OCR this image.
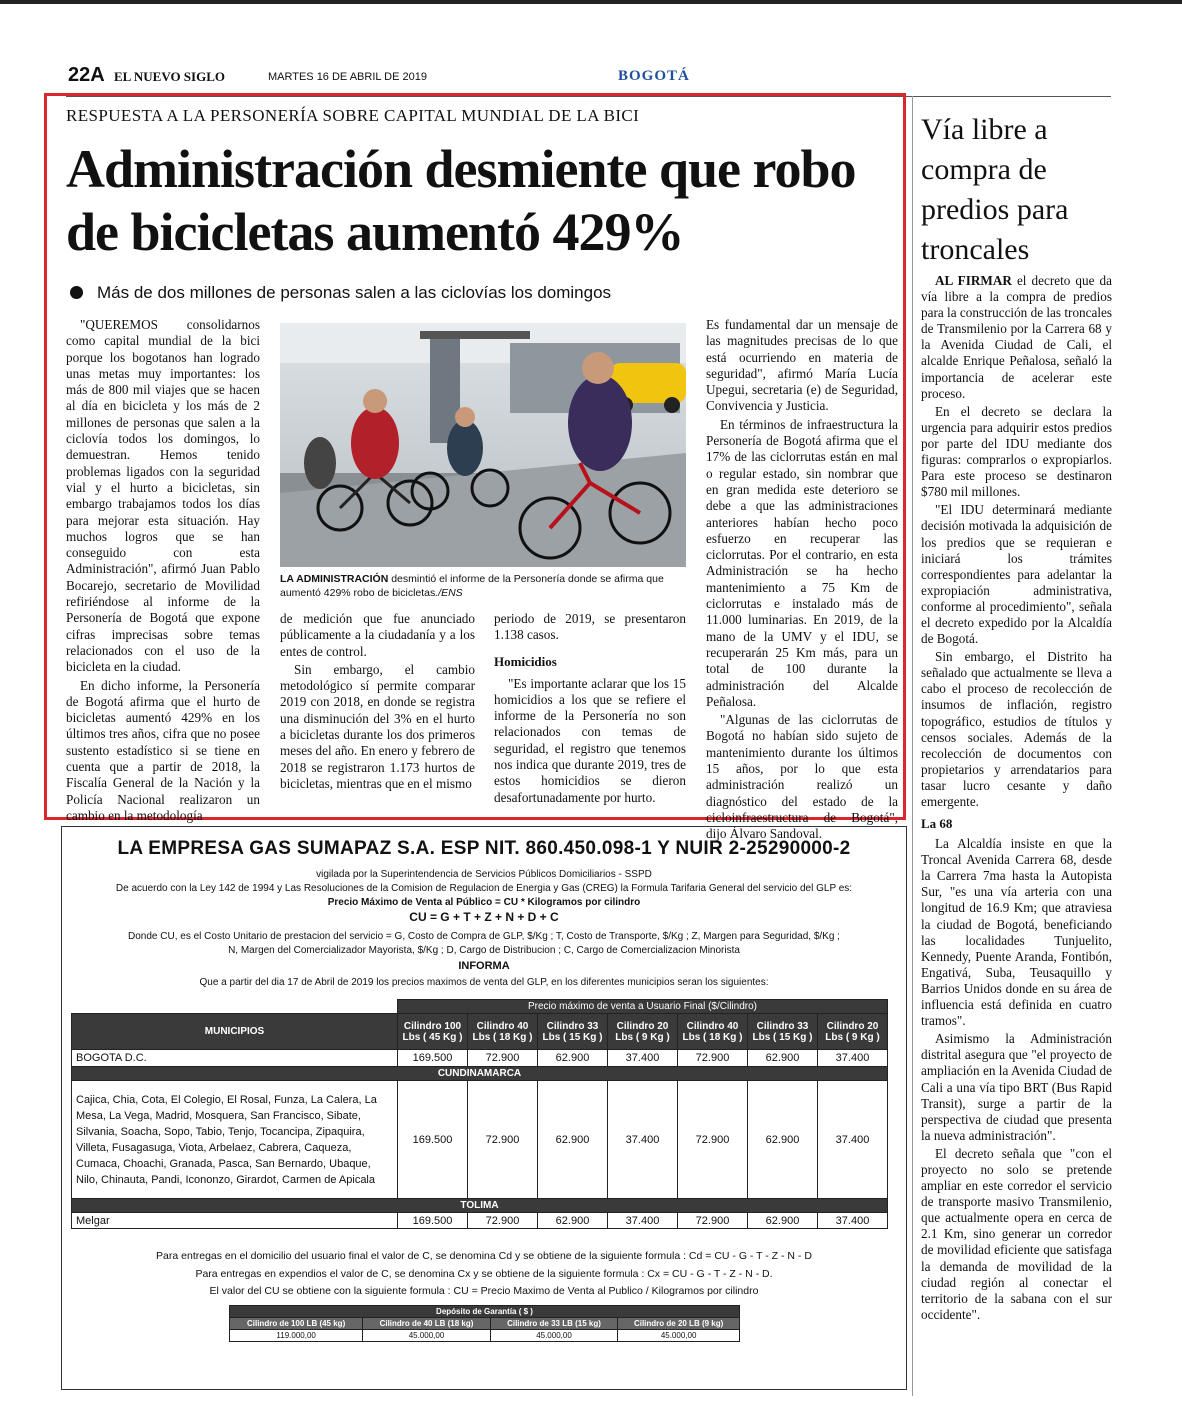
22A EL NUEVO SIGLO	MARTES 16 DE ABRIL DE 2019	BOGOTÁ
RESPUESTA A LA PERSONERÍA SOBRE CAPITAL MUNDIAL DE LA BICI
Administración desmiente que robo de bicicletas aumentó 429%
Más de dos millones de personas salen a las ciclovías los domingos

"QUEREMOS consolidarnos como capital mundial de la bici porque los bogotanos han logrado unas metas muy importantes: los más de 800 mil viajes que se hacen al día en bicicleta y los más de 2 millones de personas que salen a la ciclovía todos los domingos, lo demuestran. Hemos tenido problemas ligados con la seguridad vial y el hurto a bicicletas, sin embargo trabajamos todos los días para mejorar esta situación. Hay muchos logros que se han conseguido con esta Administración", afirmó Juan Pablo Bocarejo, secretario de Movilidad refiriéndose al informe de la Personería de Bogotá que expone cifras imprecisas sobre temas relacionados con el uso de la bicicleta en la ciudad.

En dicho informe, la Personería de Bogotá afirma que el hurto de bicicletas aumentó 429% en los últimos tres años, cifra que no posee sustento estadístico si se tiene en cuenta que a partir de 2018, la Fiscalía General de la Nación y la Policía Nacional realizaron un cambio en la metodología

LA ADMINISTRACIÓN desmintió el informe de la Personería donde se afirma que aumentó 429% robo de bicicletas./ENS

de medición que fue anunciado públicamente a la ciudadanía y a los entes de control.

Sin embargo, el cambio metodológico sí permite comparar 2019 con 2018, en donde se registra una disminución del 3% en el hurto a bicicletas durante los dos primeros meses del año. En enero y febrero de 2018 se registraron 1.173 hurtos de bicicletas, mientras que en el mismo

periodo de 2019, se presentaron 1.138 casos.

Homicidios

"Es importante aclarar que los 15 homicidios a los que se refiere el informe de la Personería no son relacionados con temas de seguridad, el registro que tenemos nos indica que durante 2019, tres de estos homicidios se dieron desafortunadamente por hurto.

Es fundamental dar un mensaje de las magnitudes precisas de lo que está ocurriendo en materia de seguridad", afirmó María Lucía Upegui, secretaria (e) de Seguridad, Convivencia y Justicia.

En términos de infraestructura la Personería de Bogotá afirma que el 17% de las ciclorrutas están en mal o regular estado, sin nombrar que en gran medida este deterioro se debe a que las administraciones anteriores habían hecho poco esfuerzo en recuperar las ciclorrutas. Por el contrario, en esta Administración se ha hecho mantenimiento a 75 Km de ciclorrutas e instalado más de 11.000 luminarias. En 2019, de la mano de la UMV y el IDU, se recuperarán 25 Km más, para un total de 100 durante la administración del Alcalde Peñalosa.

"Algunas de las ciclorrutas de Bogotá no habían sido sujeto de mantenimiento durante los últimos 15 años, por lo que esta administración realizó un diagnóstico del estado de la cicloinfraestructura de Bogotá", dijo Álvaro Sandoval.

Vía libre a compra de predios para troncales

AL FIRMAR el decreto que da vía libre a la compra de predios para la construcción de las troncales de Transmilenio por la Carrera 68 y la Avenida Ciudad de Cali, el alcalde Enrique Peñalosa, señaló la importancia de acelerar este proceso.

En el decreto se declara la urgencia para adquirir estos predios por parte del IDU mediante dos figuras: comprarlos o expropiarlos. Para este proceso se destinaron $780 mil millones.

"El IDU determinará mediante decisión motivada la adquisición de los predios que se requieran e iniciará los trámites correspondientes para adelantar la expropiación administrativa, conforme al procedimiento", señala el decreto expedido por la Alcaldía de Bogotá.

Sin embargo, el Distrito ha señalado que actualmente se lleva a cabo el proceso de recolección de insumos de inflación, registro topográfico, estudios de títulos y censos sociales. Además de la recolección de documentos con propietarios y arrendatarios para tasar lucro cesante y daño emergente.

La 68

La Alcaldía insiste en que la Troncal Avenida Carrera 68, desde la Carrera 7ma hasta la Autopista Sur, "es una vía arteria con una longitud de 16.9 Km; que atraviesa la ciudad de Bogotá, beneficiando las localidades Tunjuelito, Kennedy, Puente Aranda, Fontibón, Engativá, Suba, Teusaquillo y Barrios Unidos donde en su área de influencia está definida en cuatro tramos".

Asimismo la Administración distrital asegura que "el proyecto de ampliación en la Avenida Ciudad de Cali a una vía tipo BRT (Bus Rapid Transit), surge a partir de la perspectiva de ciudad que presenta la nueva administración".

El decreto señala que "con el proyecto no solo se pretende ampliar en este corredor el servicio de transporte masivo Transmilenio, que actualmente opera en cerca de 2.1 Km, sino generar un corredor de movilidad eficiente que satisfaga la demanda de movilidad de la ciudad región al conectar el territorio de la sabana con el sur occidente".

LA EMPRESA GAS SUMAPAZ S.A. ESP NIT. 860.450.098-1 Y NUIR 2-25290000-2
vigilada por la Superintendencia de Servicios Públicos Domiciliarios - SSPD
De acuerdo con la Ley 142 de 1994 y Las Resoluciones de la Comision de Regulacion de Energia y Gas (CREG) la Formula Tarifaria General del servicio del GLP es:
Precio Máximo de Venta al Público = CU * Kilogramos por cilindro
CU = G + T + Z + N + D + C
Donde CU, es el Costo Unitario de prestacion del servicio = G, Costo de Compra de GLP, $/Kg ; T, Costo de Transporte, $/Kg ; Z, Margen para Seguridad, $/Kg ;
N, Margen del Comercializador Mayorista, $/Kg ; D, Cargo de Distribucion ; C, Cargo de Comercializacion Minorista
INFORMA
Que a partir del dia 17 de Abril de 2019 los precios maximos de venta del GLP, en los diferentes municipios seran los siguientes:
	Precio máximo de venta a Usuario Final ($/Cilindro)						
MUNICIPIOS	Cilindro 100 Lbs ( 45 Kg )	Cilindro 40 Lbs ( 18 Kg )	Cilindro 33 Lbs ( 15 Kg )	Cilindro 20 Lbs ( 9 Kg )	Cilindro 40 Lbs ( 18 Kg )	Cilindro 33 Lbs ( 15 Kg )	Cilindro 20 Lbs ( 9 Kg )
BOGOTA D.C.	169.500	72.900	62.900	37.400	72.900	62.900	37.400
CUNDINAMARCA							
Cajica, Chia, Cota, El Colegio, El Rosal, Funza, La Calera, La Mesa, La Vega, Madrid, Mosquera, San Francisco, Sibate, Silvania, Soacha, Sopo, Tabio, Tenjo, Tocancipa, Zipaquira, Villeta, Fusagasuga, Viota, Arbelaez, Cabrera, Caqueza, Cumaca, Choachi, Granada, Pasca, San Bernardo, Ubaque, Nilo, Chinauta, Pandi, Icononzo, Girardot, Carmen de Apicala	169.500	72.900	62.900	37.400	72.900	62.900	37.400
TOLIMA							
Melgar	169.500	72.900	62.900	37.400	72.900	62.900	37.400
Para entregas en el domicilio del usuario final el valor de C, se denomina Cd y se obtiene de la siguiente formula : Cd = CU - G - T - Z - N - D
Para entregas en expendios el valor de C, se denomina Cx y se obtiene de la siguiente formula : Cx = CU - G - T - Z - N - D.
El valor del CU se obtiene con la siguiente formula : CU = Precio Maximo de Venta al Publico / Kilogramos por cilindro
Depósito de Garantía ( $ )			
Cilindro de 100 LB (45 kg)	Cilindro de 40 LB (18 kg)	Cilindro de 33 LB (15 kg)	Cilindro de 20 LB (9 kg)
119.000,00	45.000,00	45.000,00	45.000,00
